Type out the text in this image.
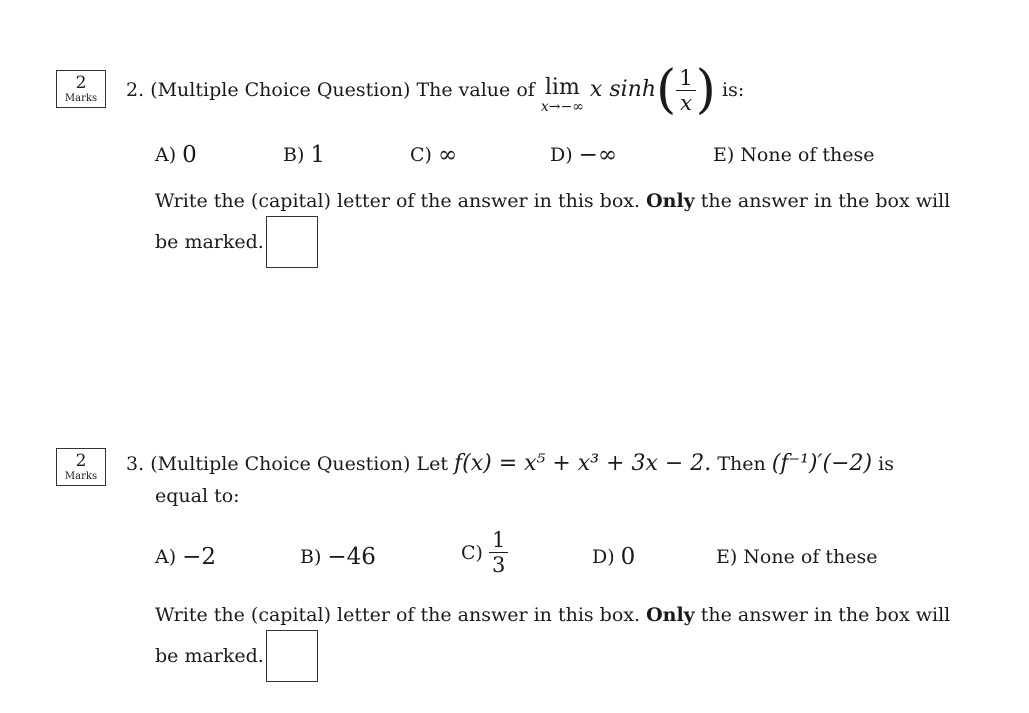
2
Marks 2.
(Multiple Choice Question) The value of
lim
x→−∞

x sinh ( $\frac{1}{x}$ )
is:
A) 0	B) 1	C) ∞	D) −∞	E) None of these
Write the (capital) letter of the answer in this box. Only the answer in the box will
be marked.
2
Marks
3.
(Multiple Choice Question) Let
f(x) = x⁵ + x³ + 3x − 2.
Then
(f⁻¹)′(−2)
is
equal to:
A) −2	B) −46	$C) \frac{1}{3}$	D) 0	E) None of these
Write the (capital) letter of the answer in this box. Only the answer in the box will
be marked.
